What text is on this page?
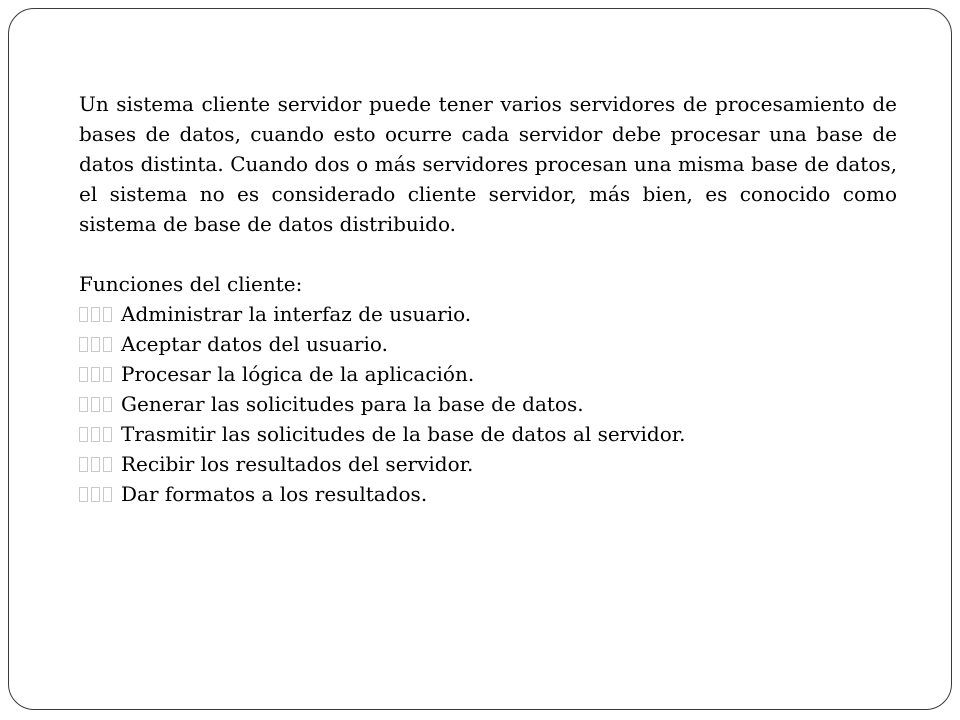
Un sistema cliente servidor puede tener varios servidores de procesamiento de bases de datos, cuando esto ocurre cada servidor debe procesar una base de datos distinta. Cuando dos o más servidores procesan una misma base de datos, el sistema no es considerado cliente servidor, más bien, es conocido como sistema de base de datos distribuido.

Funciones del cliente:
Administrar la interfaz de usuario.
Aceptar datos del usuario.
Procesar la lógica de la aplicación.
Generar las solicitudes para la base de datos.
Trasmitir las solicitudes de la base de datos al servidor.
Recibir los resultados del servidor.
Dar formatos a los resultados.
